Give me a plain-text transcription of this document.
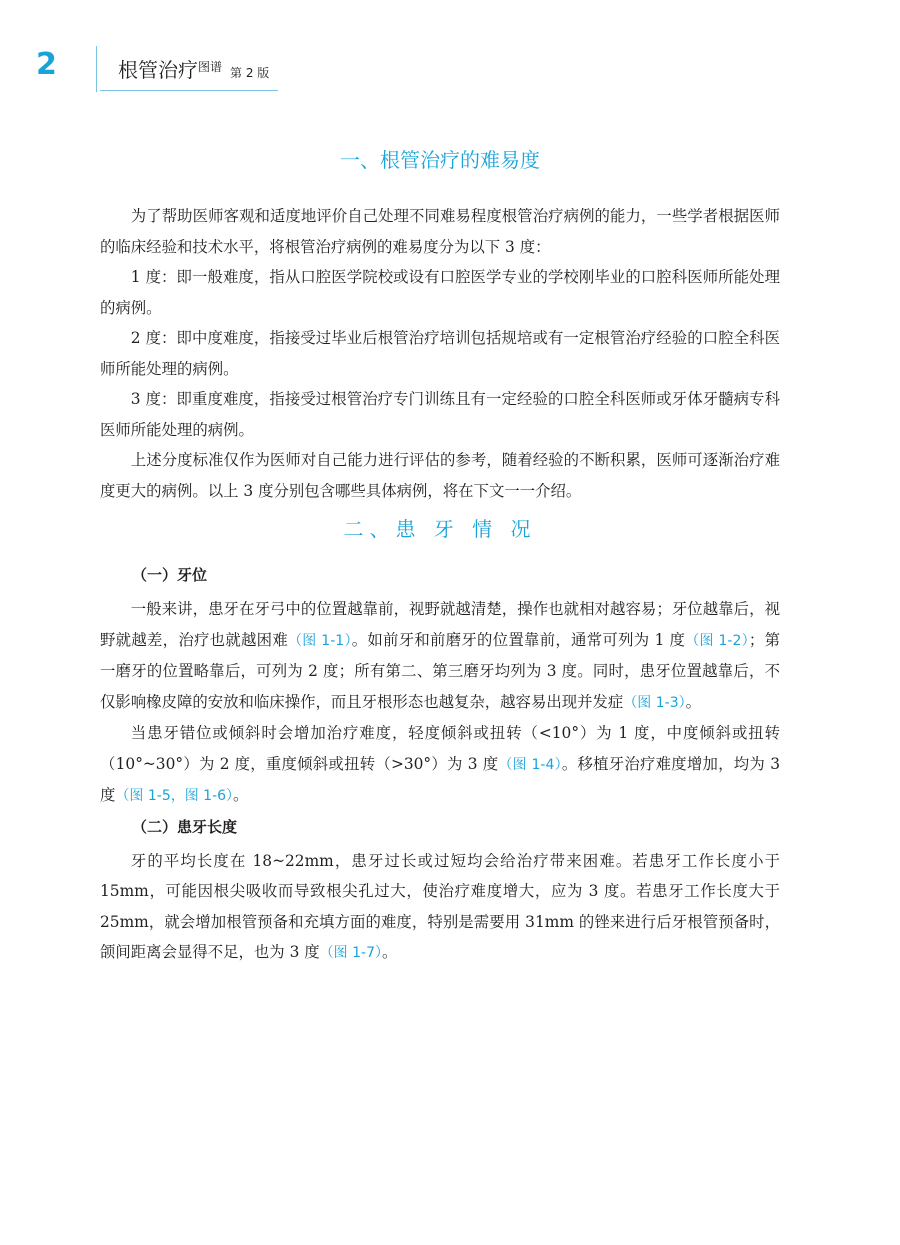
2	根管治疗$^{图谱}$ 第 2 版
一、根管治疗的难易度

为了帮助医师客观和适度地评价自己处理不同难易程度根管治疗病例的能力，一些学者根据医师的临床经验和技术水平，将根管治疗病例的难易度分为以下 3 度：

1 度：即一般难度，指从口腔医学院校或设有口腔医学专业的学校刚毕业的口腔科医师所能处理的病例。

2 度：即中度难度，指接受过毕业后根管治疗培训包括规培或有一定根管治疗经验的口腔全科医师所能处理的病例。

3 度：即重度难度，指接受过根管治疗专门训练且有一定经验的口腔全科医师或牙体牙髓病专科医师所能处理的病例。

上述分度标准仅作为医师对自己能力进行评估的参考，随着经验的不断积累，医师可逐渐治疗难度更大的病例。以上 3 度分别包含哪些具体病例，将在下文一一介绍。

二、患 牙 情 况
（一）牙位

一般来讲，患牙在牙弓中的位置越靠前，视野就越清楚，操作也就相对越容易；牙位越靠后，视野就越差，治疗也就越困难（图 1-1）。如前牙和前磨牙的位置靠前，通常可列为 1 度（图 1-2）；第一磨牙的位置略靠后，可列为 2 度；所有第二、第三磨牙均列为 3 度。同时，患牙位置越靠后，不仅影响橡皮障的安放和临床操作，而且牙根形态也越复杂，越容易出现并发症（图 1-3）。

当患牙错位或倾斜时会增加治疗难度，轻度倾斜或扭转（<10°）为 1 度，中度倾斜或扭转（10°~30°）为 2 度，重度倾斜或扭转（>30°）为 3 度（图 1-4）。移植牙治疗难度增加，均为 3 度（图 1-5，图 1-6）。

（二）患牙长度

牙的平均长度在 18~22mm，患牙过长或过短均会给治疗带来困难。若患牙工作长度小于 15mm，可能因根尖吸收而导致根尖孔过大，使治疗难度增大，应为 3 度。若患牙工作长度大于 25mm，就会增加根管预备和充填方面的难度，特别是需要用 31mm 的锉来进行后牙根管预备时，颌间距离会显得不足，也为 3 度（图 1-7）。
